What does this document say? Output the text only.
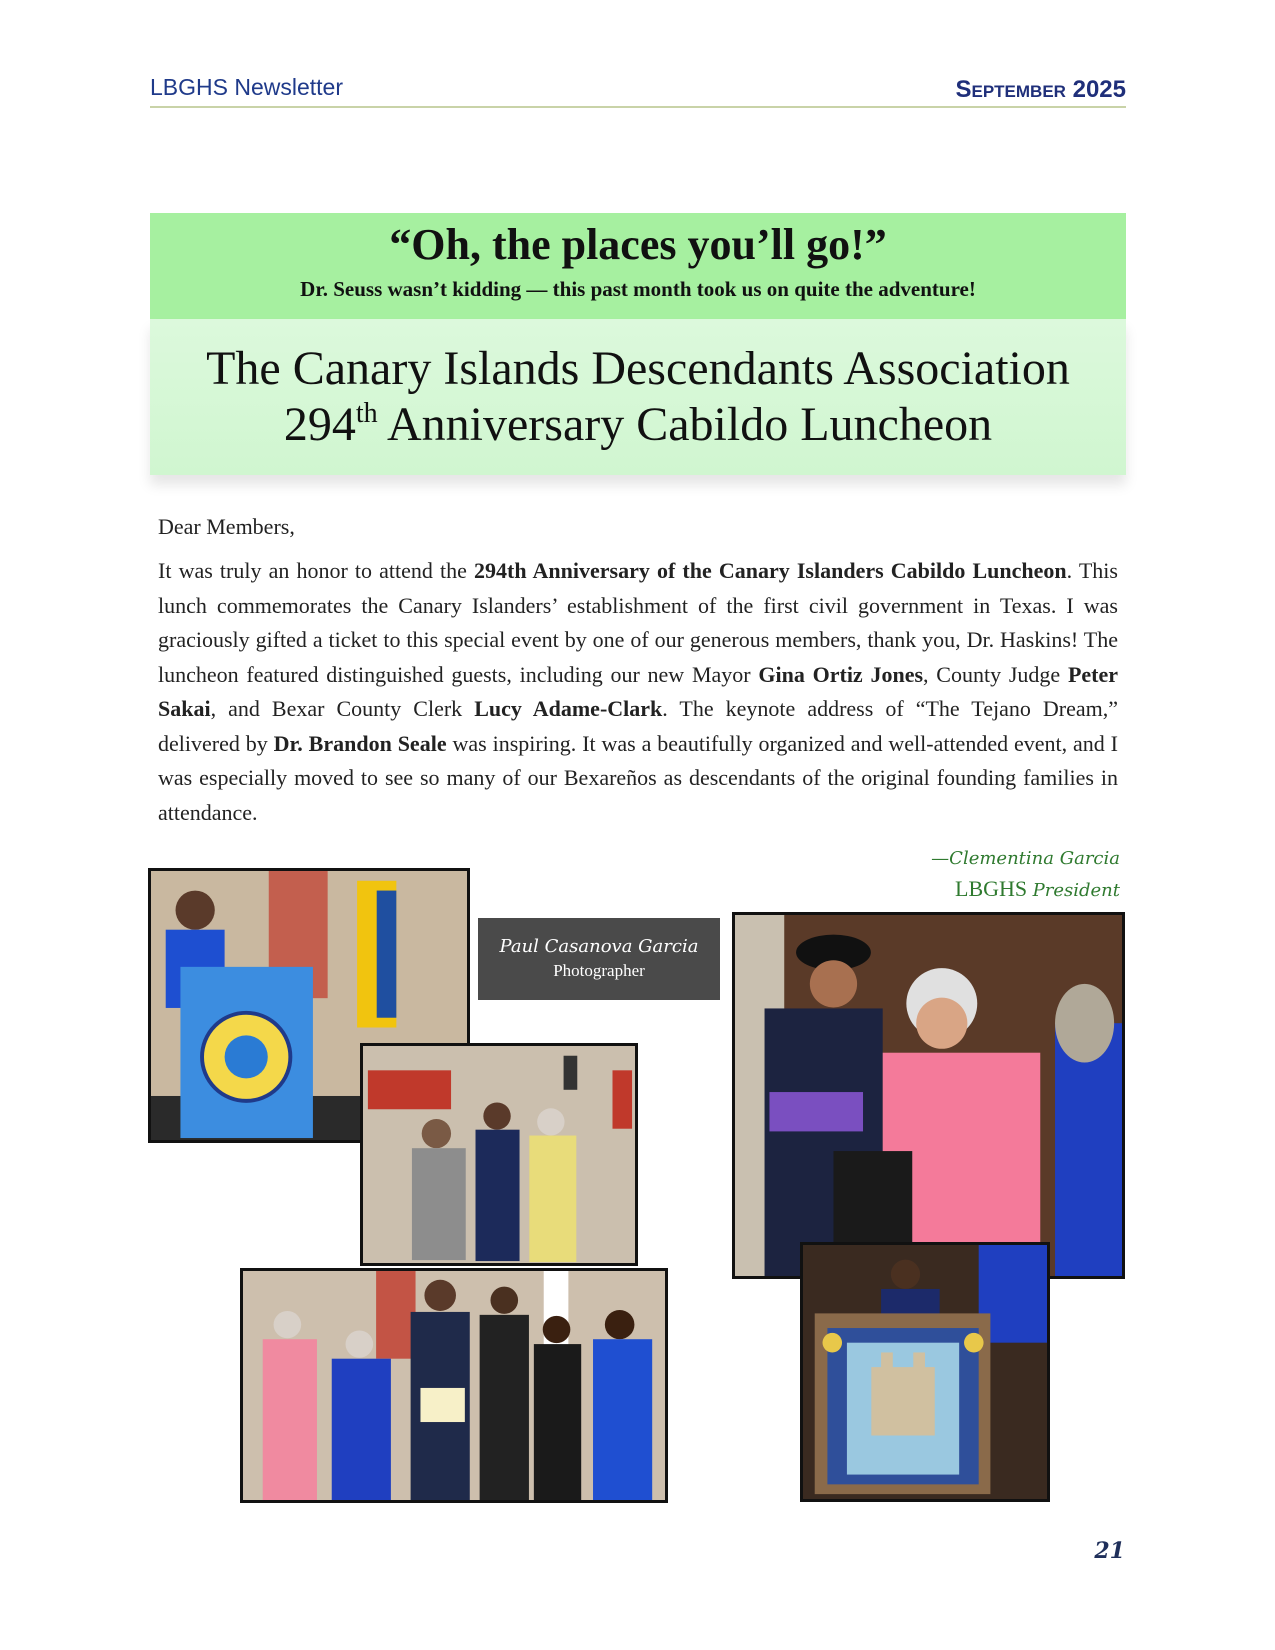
LBGHS Newsletter	September 2025
“Oh, the places you’ll go!”
Dr. Seuss wasn’t kidding — this past month took us on quite the adventure!
The Canary Islands Descendants Association
294th Anniversary Cabildo Luncheon

Dear Members,

It was truly an honor to attend the 294th Anniversary of the Canary Islanders Cabildo Luncheon. This lunch commemorates the Canary Islanders’ establishment of the first civil government in Texas. I was graciously gifted a ticket to this special event by one of our generous members, thank you, Dr. Haskins! The luncheon featured distinguished guests, including our new Mayor Gina Ortiz Jones, County Judge Peter Sakai, and Bexar County Clerk Lucy Adame-Clark. The keynote address of “The Tejano Dream,” delivered by Dr. Brandon Seale was inspiring. It was a beautifully organized and well-attended event, and I was especially moved to see so many of our Bexareños as descendants of the original founding families in attendance.

—Clementina Garcia
LBGHS President
Paul Casanova Garcia
Photographer
21
